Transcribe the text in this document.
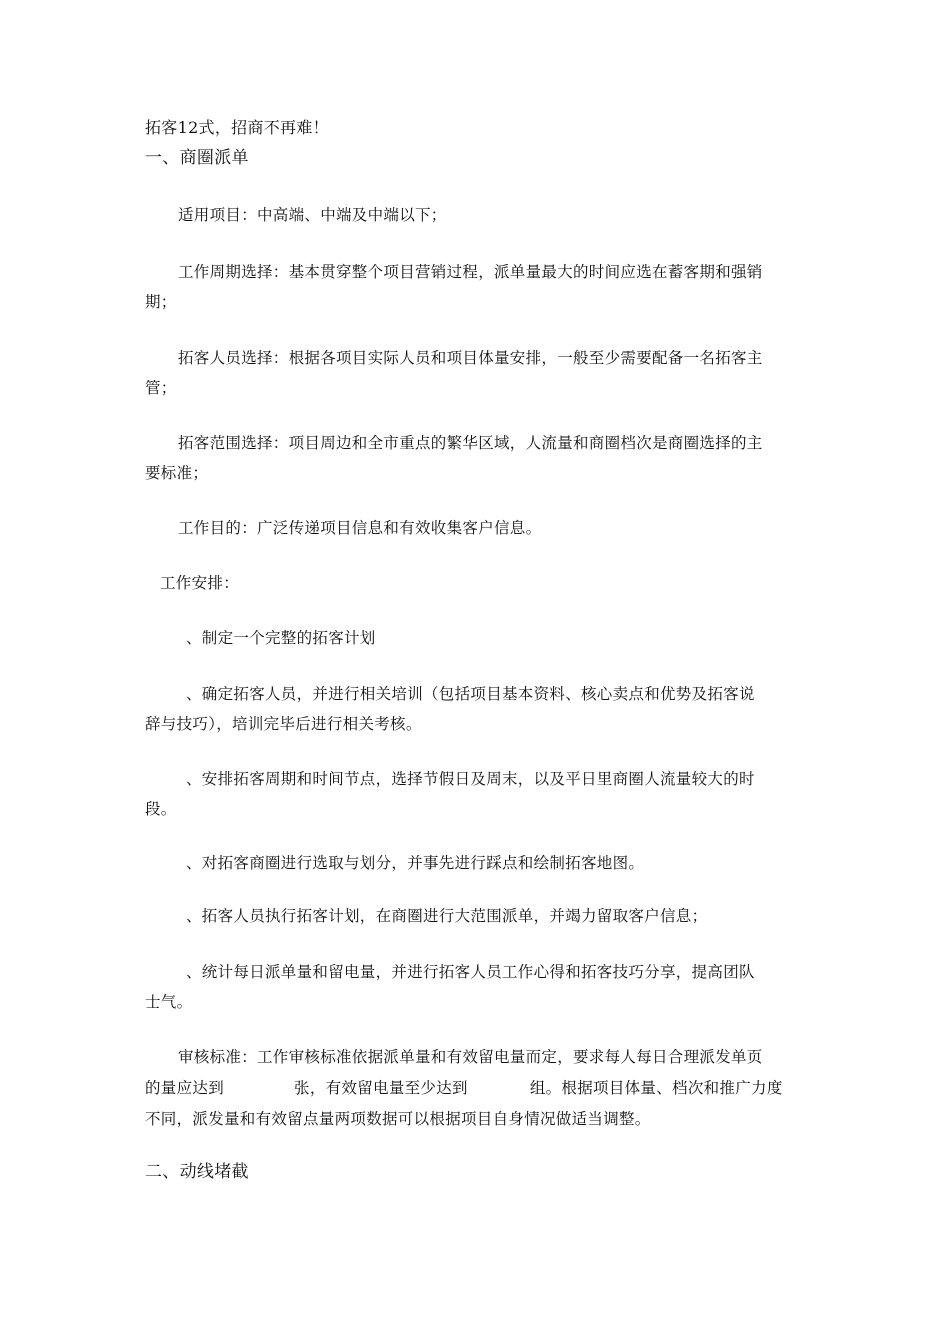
拓客12式，招商不再难！
一、商圈派单
适用项目：中高端、中端及中端以下；
工作周期选择：基本贯穿整个项目营销过程，派单量最大的时间应选在蓄客期和强销
期；
拓客人员选择：根据各项目实际人员和项目体量安排，一般至少需要配备一名拓客主
管；
拓客范围选择：项目周边和全市重点的繁华区域，人流量和商圈档次是商圈选择的主
要标准；
工作目的：广泛传递项目信息和有效收集客户信息。
工作安排：
、制定一个完整的拓客计划
、确定拓客人员，并进行相关培训（包括项目基本资料、核心卖点和优势及拓客说
辞与技巧），培训完毕后进行相关考核。
、安排拓客周期和时间节点，选择节假日及周末，以及平日里商圈人流量较大的时
段。
、对拓客商圈进行选取与划分，并事先进行踩点和绘制拓客地图。
、拓客人员执行拓客计划，在商圈进行大范围派单，并竭力留取客户信息；
、统计每日派单量和留电量，并进行拓客人员工作心得和拓客技巧分享，提高团队
士气。
审核标准：工作审核标准依据派单量和有效留电量而定，要求每人每日合理派发单页
的量应达到	张，有效留电量至少达到	组。根据项目体量、档次和推广力度
不同，派发量和有效留点量两项数据可以根据项目自身情况做适当调整。
二、动线堵截
